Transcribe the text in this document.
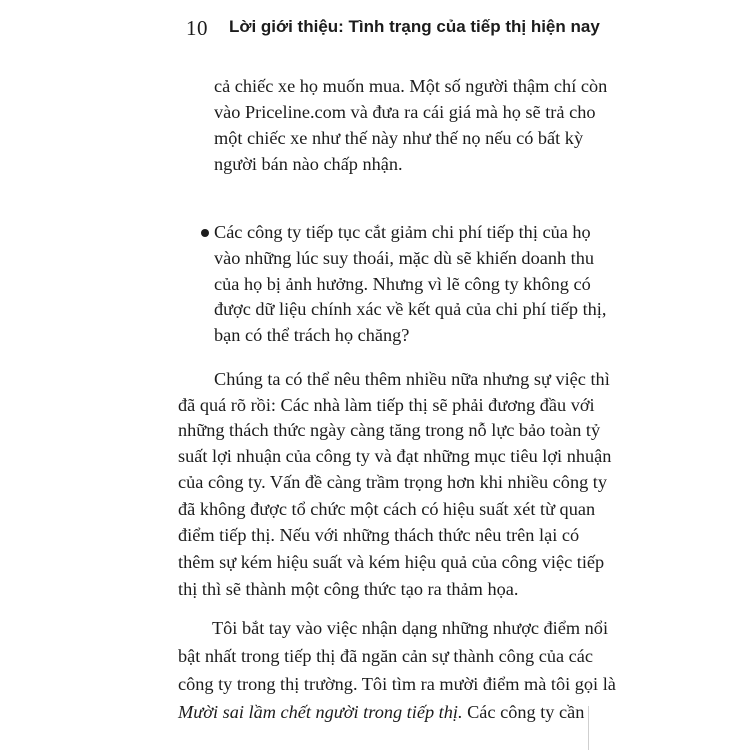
10 Lời giới thiệu: Tình trạng của tiếp thị hiện nay

cả chiếc xe họ muốn mua. Một số người thậm chí còn

vào Priceline.com và đưa ra cái giá mà họ sẽ trả cho

một chiếc xe như thế này như thế nọ nếu có bất kỳ

người bán nào chấp nhận.

Các công ty tiếp tục cắt giảm chi phí tiếp thị của họ

vào những lúc suy thoái, mặc dù sẽ khiến doanh thu

của họ bị ảnh hưởng. Nhưng vì lẽ công ty không có

được dữ liệu chính xác về kết quả của chi phí tiếp thị,

bạn có thể trách họ chăng?

Chúng ta có thể nêu thêm nhiều nữa nhưng sự việc thì

đã quá rõ rồi: Các nhà làm tiếp thị sẽ phải đương đầu với

những thách thức ngày càng tăng trong nỗ lực bảo toàn tỷ

suất lợi nhuận của công ty và đạt những mục tiêu lợi nhuận

của công ty. Vấn đề càng trầm trọng hơn khi nhiều công ty

đã không được tổ chức một cách có hiệu suất xét từ quan

điểm tiếp thị. Nếu với những thách thức nêu trên lại có

thêm sự kém hiệu suất và kém hiệu quả của công việc tiếp

thị thì sẽ thành một công thức tạo ra thảm họa.

Tôi bắt tay vào việc nhận dạng những nhược điểm nổi

bật nhất trong tiếp thị đã ngăn cản sự thành công của các

công ty trong thị trường. Tôi tìm ra mười điểm mà tôi gọi là

Mười sai lầm chết người trong tiếp thị. Các công ty cần
